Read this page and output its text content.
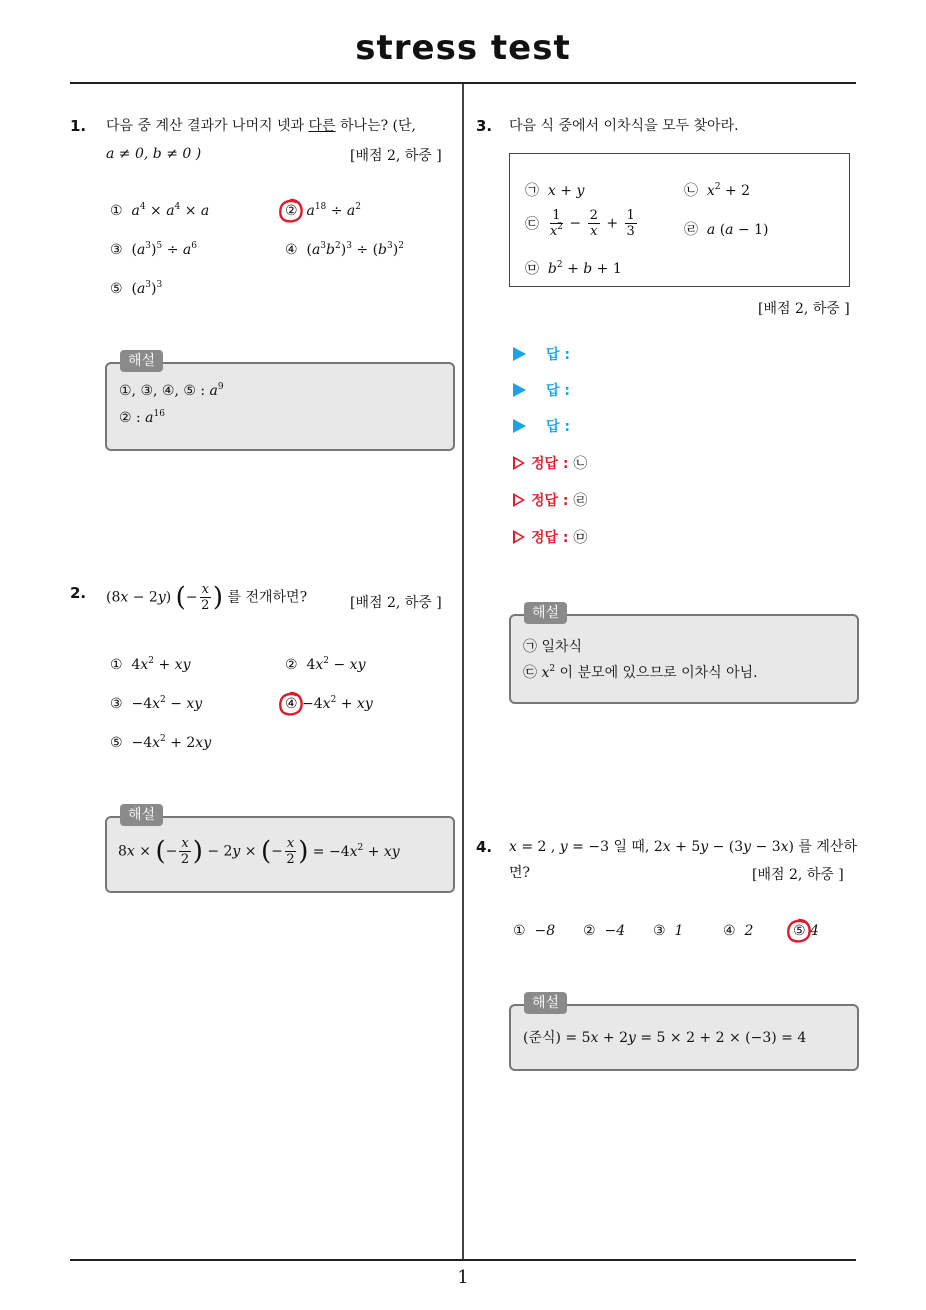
stress test
1
1. 다음 중 계산 결과가 나머지 넷과 다른 하나는? (단,
a ≠ 0, b ≠ 0 )	[배점 2, 하중 ]
① $a^4 \times a^4 \times a$	② $a^{18} \div a^2$
③ $(a^3)^5 \div a^6$	④ $(a^3b^2)^3 \div (b^3)^2$
⑤ $(a^3)^3$
해설
①, ③, ④, ⑤ : $a^9$
② : $a^{16}$
2. (8x − 2y) (− $\frac{x}{2}$ ) 를 전개하면?	[배점 2, 하중 ]
① $4x^2$ + xy	② $4x^2$ − xy
③ $-4x^2$ − xy	④ $-4x^2$ + xy
⑤ $-4x^2 + 2xy$
해설
8x × (− $\frac{x}{2}$ ) − 2y × (− $\frac{x}{2}$ ) = $-4x^2$ + xy
3. 다음 식 중에서 이차식을 모두 찾아라.
㉠ x + y	㉡ $x^2 + 2$
㉢ $\frac{1}{x^2} - \frac{2}{x} + \frac{1}{3}$	㉣ a (a − 1)
㉤ $b^2 + b + 1$
[배점 2, 하중 ]
답 :
답 :
답 :
정답 : ㉡
정답 : ㉣
정답 : ㉤
해설
㉠ 일차식
㉢ $x^2$ 이 분모에 있으므로 이차식 아님.
4. x = 2 , y = −3 일 때, 2x + 5y − (3y − 3x) 를 계산하
면?	[배점 2, 하중 ]
① −8 ② −4 ③ 1	④ 2	⑤ 4
해설
(준식) = 5x + 2y = 5 × 2 + 2 × (−3) = 4
